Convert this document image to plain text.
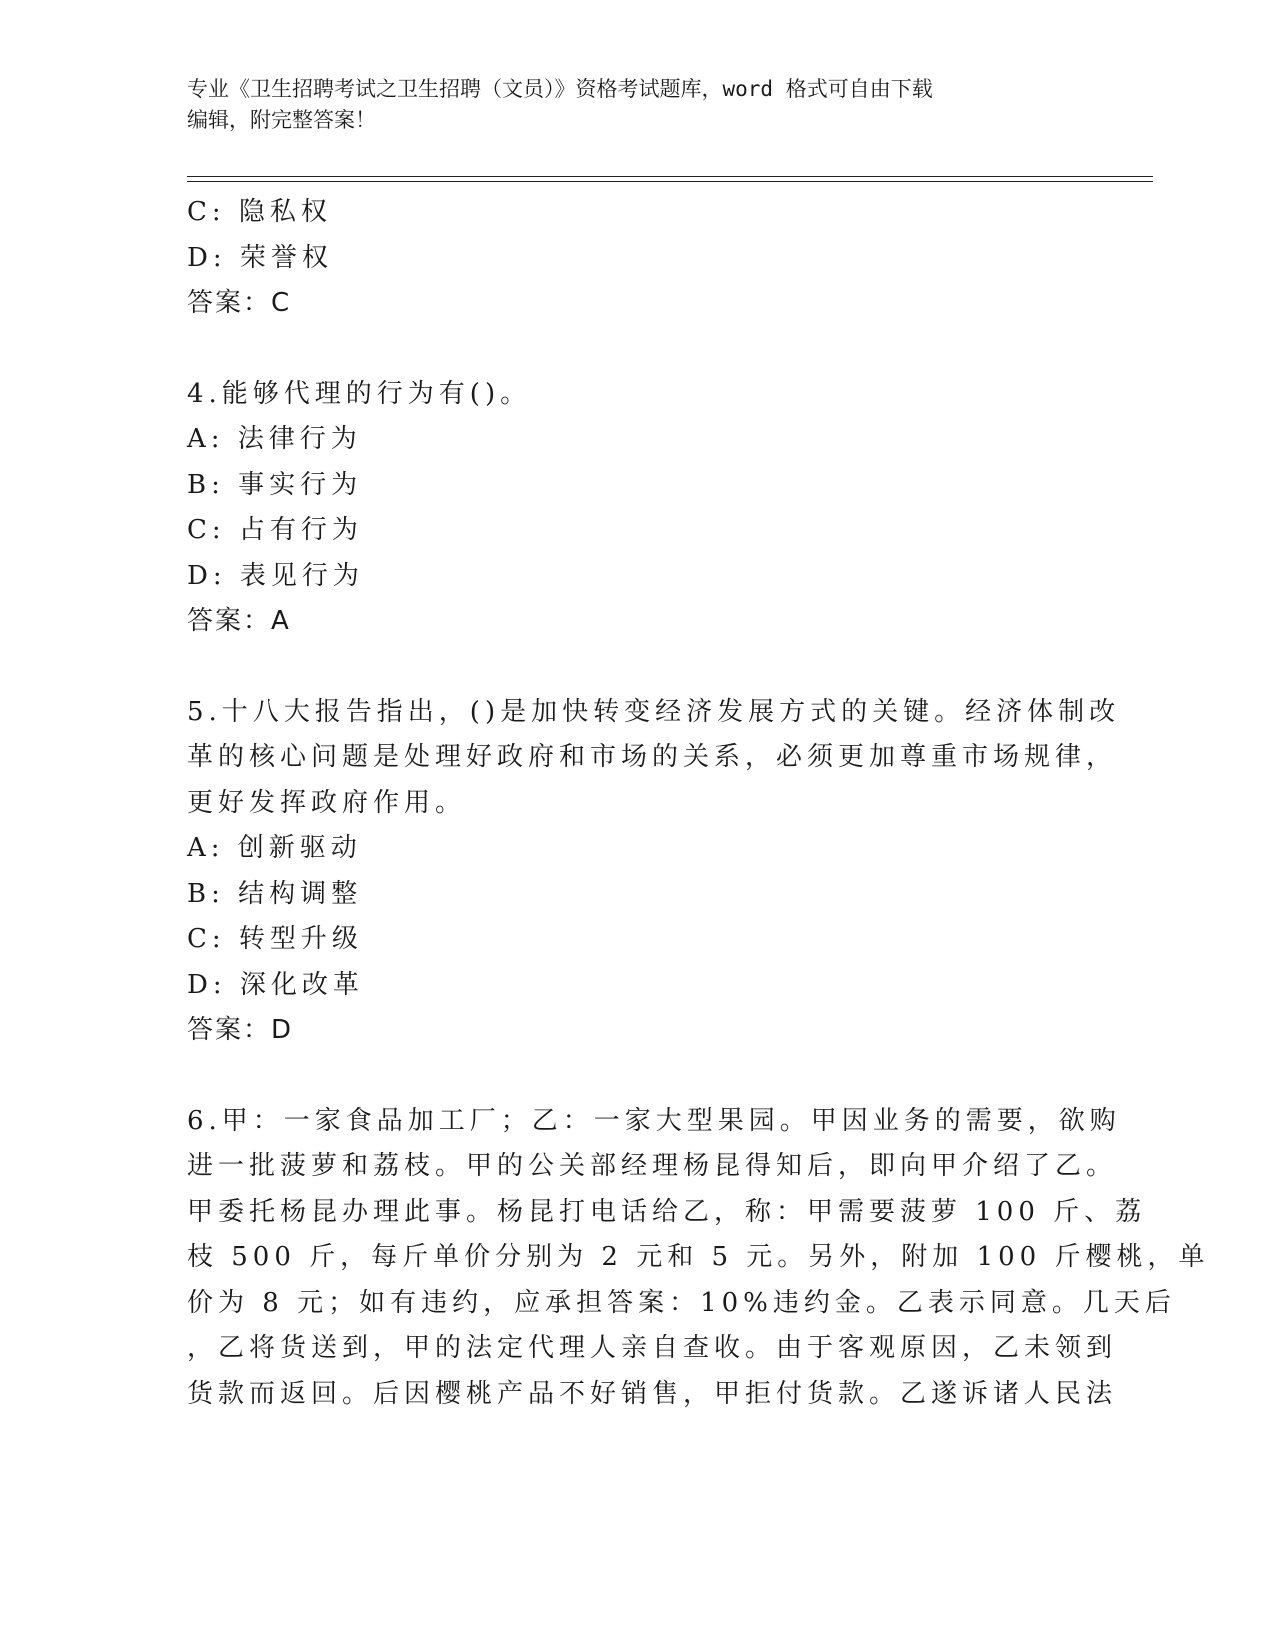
专业《卫生招聘考试之卫生招聘（文员）》资格考试题库，word 格式可自由下载
编辑，附完整答案！
C: 隐私权
D: 荣誉权
答案：C
4.能够代理的行为有()。
A: 法律行为
B: 事实行为
C: 占有行为
D: 表见行为
答案：A
5.十八大报告指出，()是加快转变经济发展方式的关键。经济体制改
革的核心问题是处理好政府和市场的关系，必须更加尊重市场规律，
更好发挥政府作用。
A: 创新驱动
B: 结构调整
C: 转型升级
D: 深化改革
答案：D
6.甲：一家食品加工厂；乙：一家大型果园。甲因业务的需要，欲购
进一批菠萝和荔枝。甲的公关部经理杨昆得知后，即向甲介绍了乙。
甲委托杨昆办理此事。杨昆打电话给乙，称：甲需要菠萝 100 斤、荔
枝 500 斤，每斤单价分别为 2 元和 5 元。另外，附加 100 斤樱桃，单
价为 8 元；如有违约，应承担答案：10%违约金。乙表示同意。几天后
，乙将货送到，甲的法定代理人亲自查收。由于客观原因，乙未领到
货款而返回。后因樱桃产品不好销售，甲拒付货款。乙遂诉诸人民法
